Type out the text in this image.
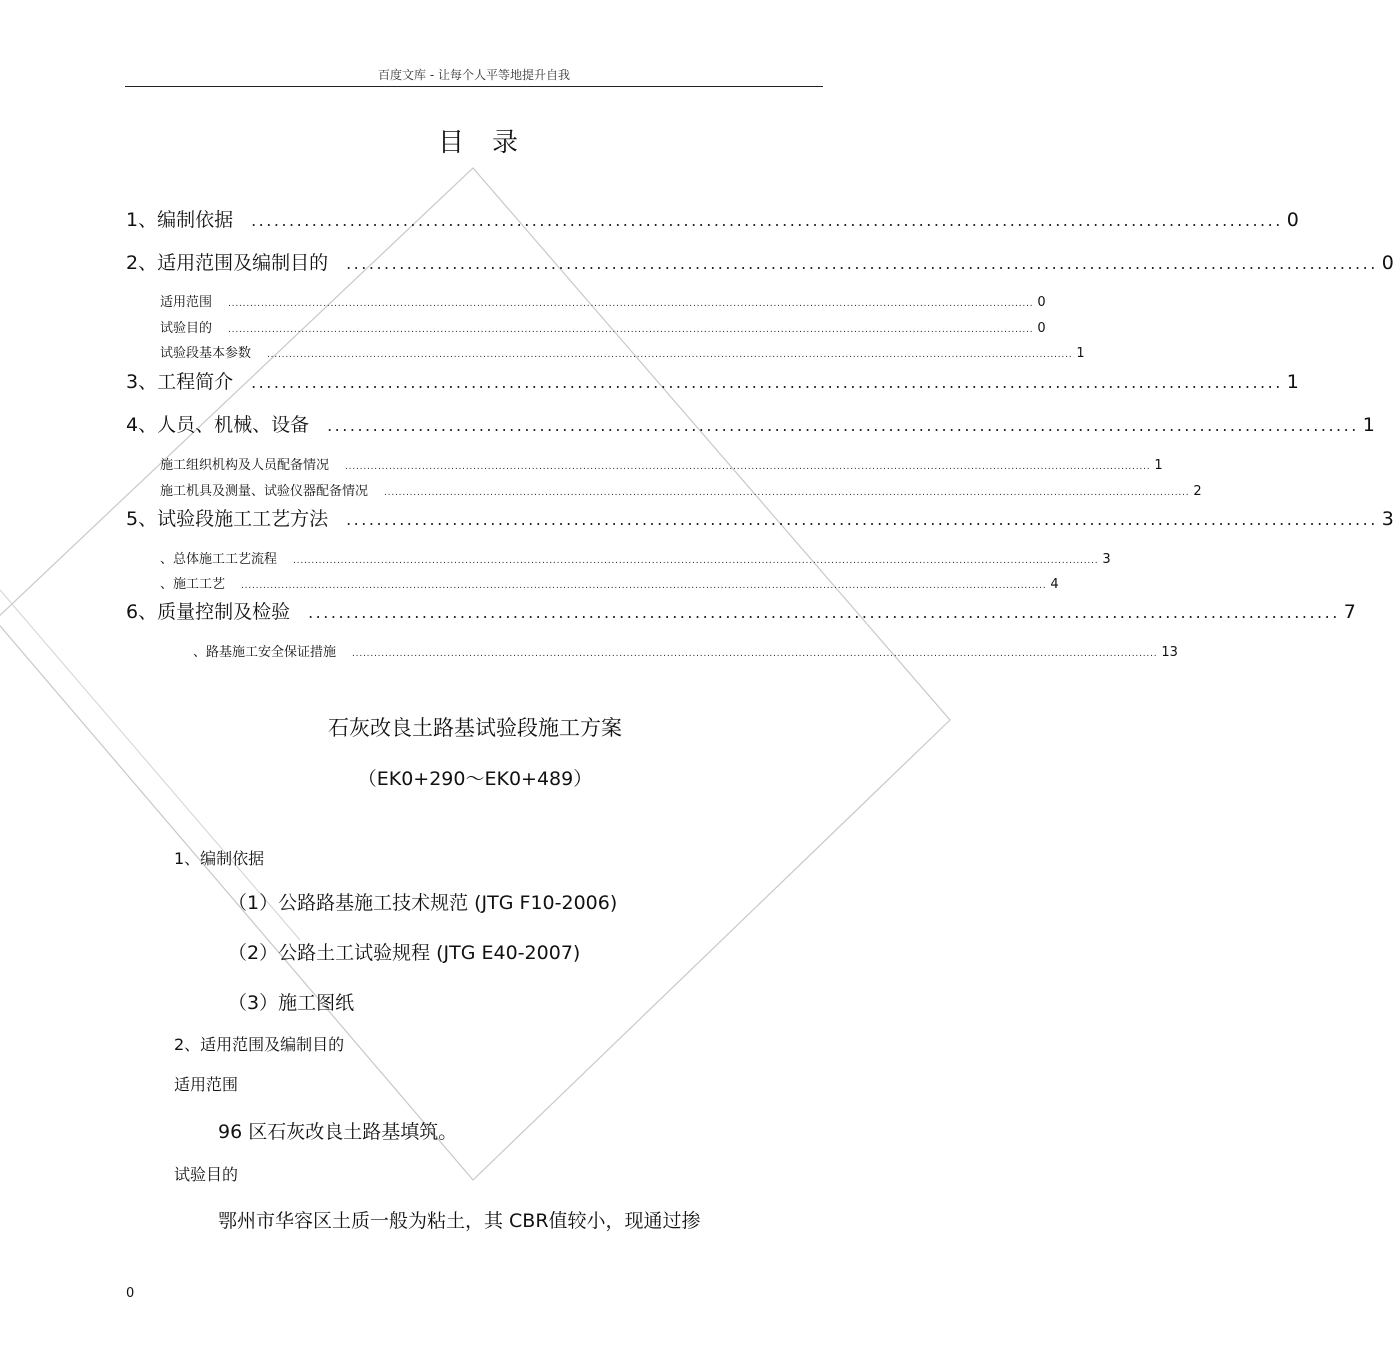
百度文库 - 让每个人平等地提升自我
目录
1、编制依据 ........................................................................................................................................ 0
2、适用范围及编制目的 ........................................................................................................................................ 0
适用范围 ............................................................................................................................................................................................................................ 0
试验目的 ............................................................................................................................................................................................................................ 0
试验段基本参数 ............................................................................................................................................................................................................................ 1
3、工程简介 ........................................................................................................................................ 1
4、人员、机械、设备 ........................................................................................................................................ 1
施工组织机构及人员配备情况 ............................................................................................................................................................................................................................ 1
施工机具及测量、试验仪器配备情况 ............................................................................................................................................................................................................................ 2
5、试验段施工工艺方法 ........................................................................................................................................ 3
、总体施工工艺流程 ............................................................................................................................................................................................................................ 3
、施工工艺 ............................................................................................................................................................................................................................ 4
6、质量控制及检验 ........................................................................................................................................ 7
、路基施工安全保证措施 ............................................................................................................................................................................................................................ 13
石灰改良土路基试验段施工方案
（EK0+290～EK0+489）
1、编制依据
（1）公路路基施工技术规范 (JTG F10-2006)
（2）公路土工试验规程 (JTG E40-2007)
（3）施工图纸
2、适用范围及编制目的
适用范围
96 区石灰改良土路基填筑。
试验目的
鄂州市华容区土质一般为粘土，其 CBR值较小，现通过掺
0
